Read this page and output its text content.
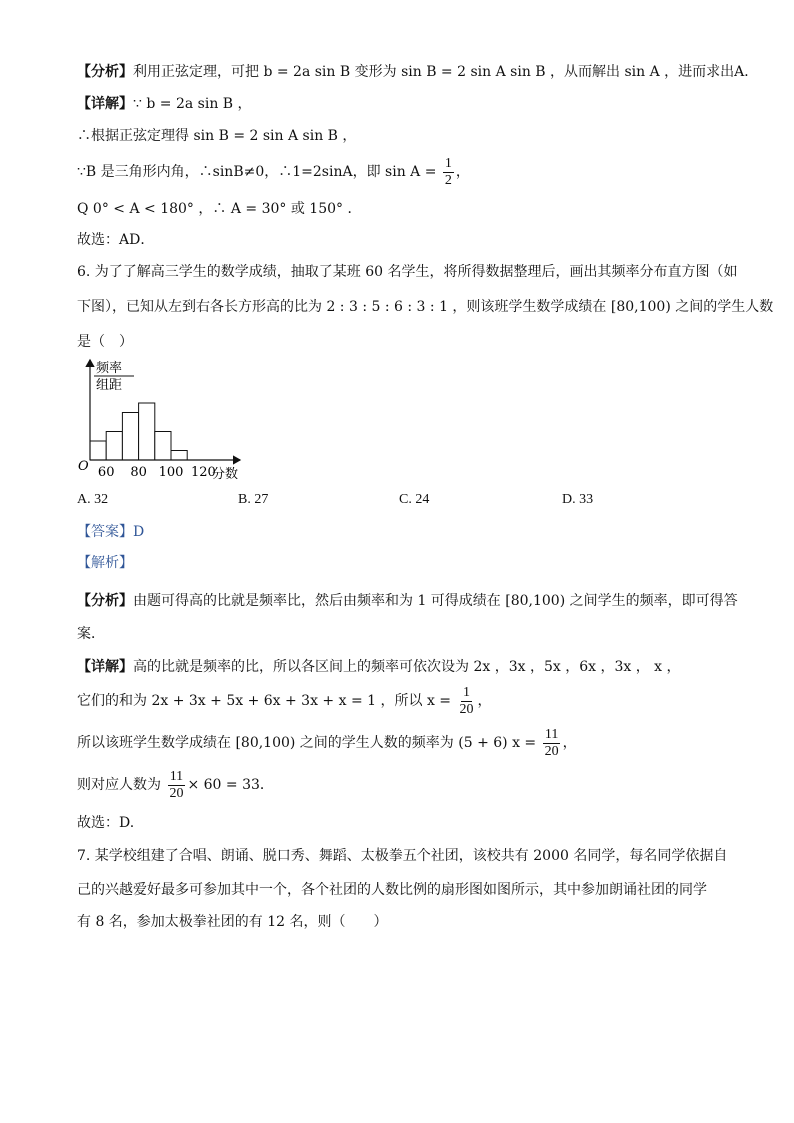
【分析】利用正弦定理，可把 b = 2a sin B 变形为 sin B = 2 sin A sin B ，从而解出 sin A ，进而求出A．
【详解】∵ b = 2a sin B ，
∴根据正弦定理得 sin B = 2 sin A sin B ，
∵B 是三角形内角，∴sinB≠0，∴1=2sinA，即 $\sin A = \frac{1}{2}$ ，
Q 0° < A < 180° ，∴ A = 30° 或 150° ．
故选：AD．
6. 为了了解高三学生的数学成绩，抽取了某班 60 名学生，将所得数据整理后，画出其频率分布直方图（如
下图），已知从左到右各长方形高的比为 2 : 3 : 5 : 6 : 3 : 1 ，则该班学生数学成绩在 [80,100) 之间的学生人数
是（　）
频率
组距
O 60 80 100 120
分数
A. 32	B. 27	C. 24	D. 33
【答案】D
【解析】
【分析】由题可得高的比就是频率比，然后由频率和为 1 可得成绩在 [80,100) 之间学生的频率，即可得答
案．
【详解】高的比就是频率的比，所以各区间上的频率可依次设为 2x ，3x ，5x ，6x ，3x ， x ，
它们的和为 2x + 3x + 5x + 6x + 3x + x = 1 ，所以 $x = \frac{1}{20}$ ，
所以该班学生数学成绩在 [80,100) 之间的学生人数的频率为 (5 + 6) $x = \frac{11}{20}$ ，
则对应人数为 $\frac{11}{20} \times 60 = 33$．
故选：D.
7. 某学校组建了合唱、朗诵、脱口秀、舞蹈、太极拳五个社团，该校共有 2000 名同学，每名同学依据自
己的兴越爱好最多可参加其中一个，各个社团的人数比例的扇形图如图所示，其中参加朗诵社团的同学
有 8 名，参加太极拳社团的有 12 名，则（　　）
